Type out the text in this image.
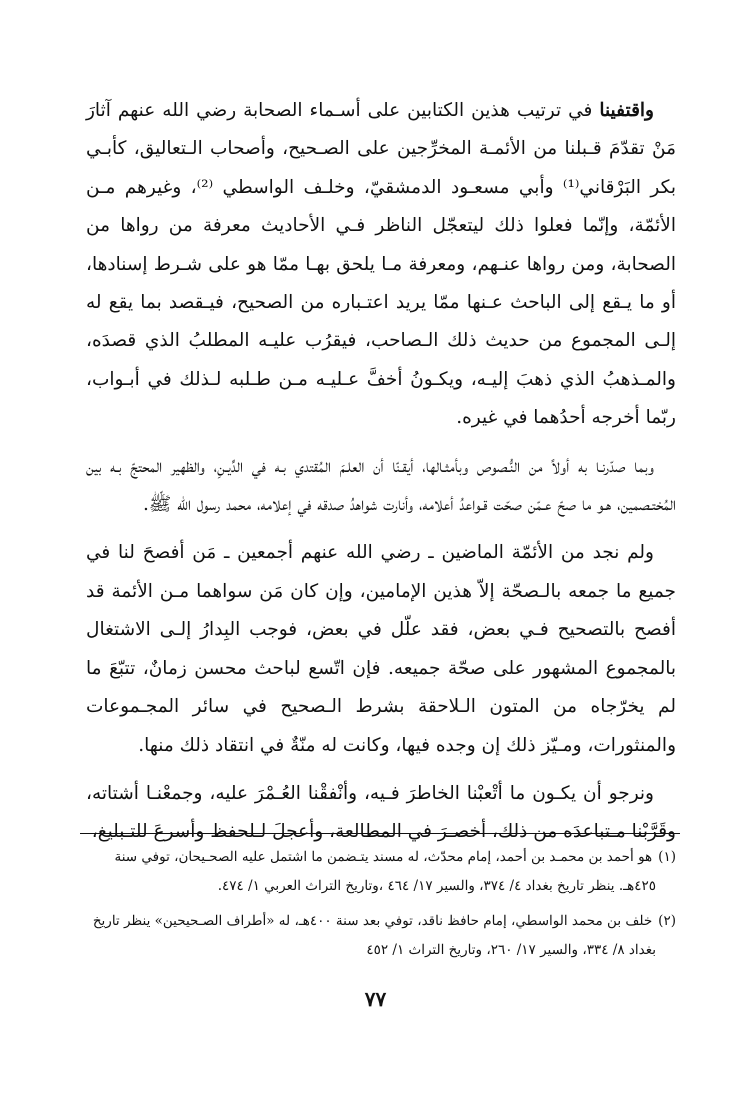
واقتفينا في ترتيب هذين الكتابين على أسـماء الصحابة رضي الله عنهم آثارَ مَنْ تقدّمَ قـبلنا من الأئمـة المخرِّجين على الصـحيح، وأصحاب الـتعاليق، كأبـي بكر البَرْقاني⁽¹⁾ وأبي مسعـود الدمشقيّ، وخلـف الواسطي ⁽²⁾، وغيرهم مـن الأئمّة، وإنّما فعلوا ذلك ليتعجّل الناظر فـي الأحاديث معرفة من رواها من الصحابة، ومن رواها عنـهم، ومعرفة مـا يلحق بهـا ممّا هو على شـرط إسنادها، أو ما يـقع إلى الباحث عـنها ممّا يريد اعتـباره من الصحيح، فيـقصد بما يقع له إلـى المجموع من حديث ذلك الـصاحب، فيقرُب عليـه المطلبُ الذي قصدَه، والمـذهبُ الذي ذهبَ إليـه، ويكـونُ أخفَّ عـليـه مـن طـلبه لـذلك في أبـواب، ربّما أخرجه أحدُهما في غيره.

وبما صدّرنـا به أولاً من النُّـصوص وبأمثـالها، أيقـنّا أن العلـمَ المُقتدي بـه في الدِّيـنِ، والظهير المحتجّ بـه بين المُختـصمين، هـو ما صحّ عـمّن صحّت قـواعدُ أعلامه، وأنارت شواهدُ صدقه في إعلامه، محمد رسول الله ﷺ.

ولم نجد من الأئمّة الماضين ـ رضي الله عنهم أجمعين ـ مَن أفصحَ لنا في جميع ما جمعه بالـصحّة إلاّ هذين الإمامين، وإن كان مَن سواهما مـن الأئمة قد أفصح بالتصحيح فـي بعض، فقد علّل في بعض، فوجب البِدارُ إلـى الاشتغال بالمجموع المشهور على صحّة جميعه. فإن اتّسع لباحث محسن زمانٌ، تتبّعَ ما لم يخرّجاه من المتون الـلاحقة بشرط الـصحيح في سائر المجـموعات والمنثورات، ومـيّز ذلك إن وجده فيها، وكانت له منّةٌ في انتقاد ذلك منها.

ونرجو أن يكـون ما أتْعبْنا الخاطرَ فـيه، وأنْفقْنا العُـمْرَ عليه، وجمعْنـا أشتاته، وقَرَّبْنا مـتباعدَه من ذلك، أخصـرَ في المطالعة، وأعجلَ لـلحفظ وأسرعَ للتـبليغ،

(١)هو أحمد بن محمـد بن أحمد، إمام محدّث، له مسند يتـضمن ما اشتمل عليه الصحـيحان، توفي سنة
٤٢٥هـ. ينظر تاريخ بغداد ٤/ ٣٧٤، والسير ١٧/ ٤٦٤ ،وتاريخ التراث العربي ١/ ٤٧٤.

(٢)خلف بن محمد الواسطي، إمام حافظ ناقد، توفي بعد سنة ٤٠٠هـ، له «أطراف الصـحيحين» ينظر تاريخ
بغداد ٨/ ٣٣٤، والسير ١٧/ ٢٦٠، وتاريخ التراث ١/ ٤٥٢

٧٧
